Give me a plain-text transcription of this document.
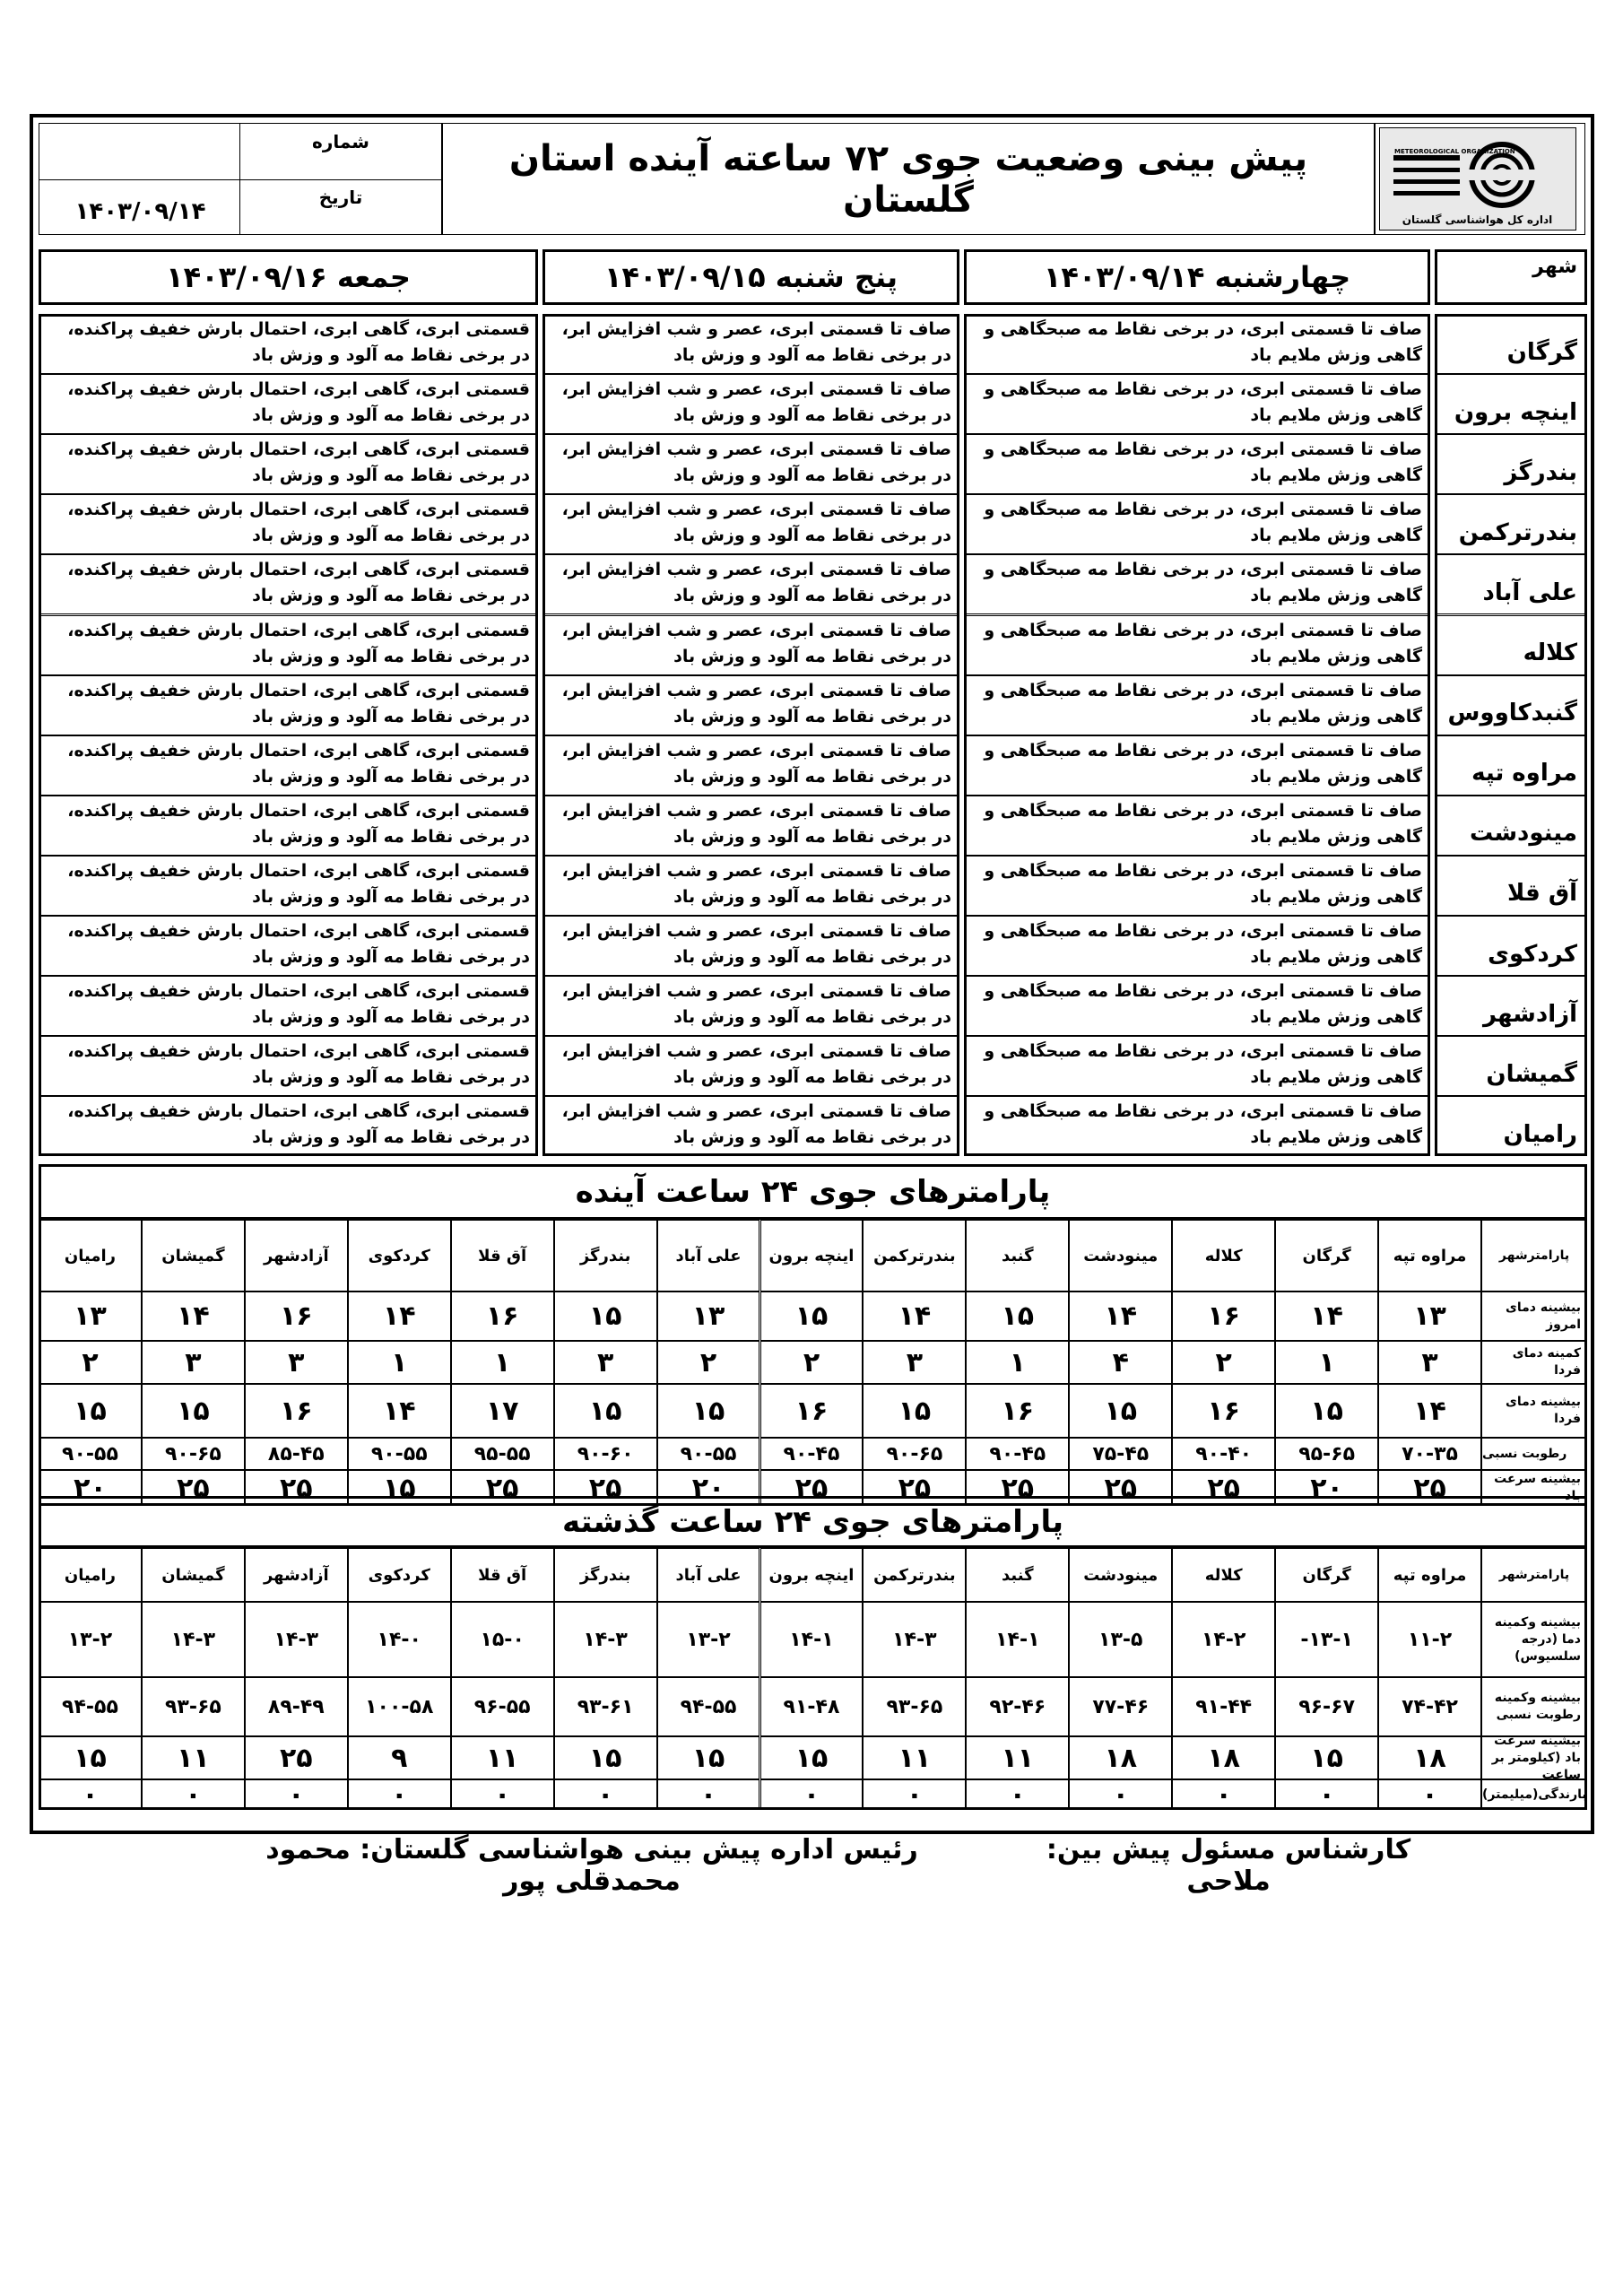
شماره
تاریخ
۱۴۰۳/۰۹/۱۴
پیش بینی وضعیت جوی ۷۲ ساعته آینده استان گلستان
METEOROLOGICAL ORGANIZATION
اداره کل هواشناسی گلستان
شهر
چهارشنبه ۱۴۰۳/۰۹/۱۴
پنج شنبه ۱۴۰۳/۰۹/۱۵
جمعه ۱۴۰۳/۰۹/۱۶
گرگان
صاف تا قسمتی ابری، در برخی نقاط مه صبحگاهی و گاهی وزش ملایم باد
صاف تا قسمتی ابری، عصر و شب افزایش ابر، در برخی نقاط مه آلود و وزش باد
قسمتی ابری، گاهی ابری، احتمال بارش خفیف پراکنده، در برخی نقاط مه آلود و وزش باد
اینچه برون
صاف تا قسمتی ابری، در برخی نقاط مه صبحگاهی و گاهی وزش ملایم باد
صاف تا قسمتی ابری، عصر و شب افزایش ابر، در برخی نقاط مه آلود و وزش باد
قسمتی ابری، گاهی ابری، احتمال بارش خفیف پراکنده، در برخی نقاط مه آلود و وزش باد
بندرگز
صاف تا قسمتی ابری، در برخی نقاط مه صبحگاهی و گاهی وزش ملایم باد
صاف تا قسمتی ابری، عصر و شب افزایش ابر، در برخی نقاط مه آلود و وزش باد
قسمتی ابری، گاهی ابری، احتمال بارش خفیف پراکنده، در برخی نقاط مه آلود و وزش باد
بندرترکمن
صاف تا قسمتی ابری، در برخی نقاط مه صبحگاهی و گاهی وزش ملایم باد
صاف تا قسمتی ابری، عصر و شب افزایش ابر، در برخی نقاط مه آلود و وزش باد
قسمتی ابری، گاهی ابری، احتمال بارش خفیف پراکنده، در برخی نقاط مه آلود و وزش باد
علی آباد
صاف تا قسمتی ابری، در برخی نقاط مه صبحگاهی و گاهی وزش ملایم باد
صاف تا قسمتی ابری، عصر و شب افزایش ابر، در برخی نقاط مه آلود و وزش باد
قسمتی ابری، گاهی ابری، احتمال بارش خفیف پراکنده، در برخی نقاط مه آلود و وزش باد
کلاله
صاف تا قسمتی ابری، در برخی نقاط مه صبحگاهی و گاهی وزش ملایم باد
صاف تا قسمتی ابری، عصر و شب افزایش ابر، در برخی نقاط مه آلود و وزش باد
قسمتی ابری، گاهی ابری، احتمال بارش خفیف پراکنده، در برخی نقاط مه آلود و وزش باد
گنبدکاووس
صاف تا قسمتی ابری، در برخی نقاط مه صبحگاهی و گاهی وزش ملایم باد
صاف تا قسمتی ابری، عصر و شب افزایش ابر، در برخی نقاط مه آلود و وزش باد
قسمتی ابری، گاهی ابری، احتمال بارش خفیف پراکنده، در برخی نقاط مه آلود و وزش باد
مراوه تپه
صاف تا قسمتی ابری، در برخی نقاط مه صبحگاهی و گاهی وزش ملایم باد
صاف تا قسمتی ابری، عصر و شب افزایش ابر، در برخی نقاط مه آلود و وزش باد
قسمتی ابری، گاهی ابری، احتمال بارش خفیف پراکنده، در برخی نقاط مه آلود و وزش باد
مینودشت
صاف تا قسمتی ابری، در برخی نقاط مه صبحگاهی و گاهی وزش ملایم باد
صاف تا قسمتی ابری، عصر و شب افزایش ابر، در برخی نقاط مه آلود و وزش باد
قسمتی ابری، گاهی ابری، احتمال بارش خفیف پراکنده، در برخی نقاط مه آلود و وزش باد
آق قلا
صاف تا قسمتی ابری، در برخی نقاط مه صبحگاهی و گاهی وزش ملایم باد
صاف تا قسمتی ابری، عصر و شب افزایش ابر، در برخی نقاط مه آلود و وزش باد
قسمتی ابری، گاهی ابری، احتمال بارش خفیف پراکنده، در برخی نقاط مه آلود و وزش باد
کردکوی
صاف تا قسمتی ابری، در برخی نقاط مه صبحگاهی و گاهی وزش ملایم باد
صاف تا قسمتی ابری، عصر و شب افزایش ابر، در برخی نقاط مه آلود و وزش باد
قسمتی ابری، گاهی ابری، احتمال بارش خفیف پراکنده، در برخی نقاط مه آلود و وزش باد
آزادشهر
صاف تا قسمتی ابری، در برخی نقاط مه صبحگاهی و گاهی وزش ملایم باد
صاف تا قسمتی ابری، عصر و شب افزایش ابر، در برخی نقاط مه آلود و وزش باد
قسمتی ابری، گاهی ابری، احتمال بارش خفیف پراکنده، در برخی نقاط مه آلود و وزش باد
گمیشان
صاف تا قسمتی ابری، در برخی نقاط مه صبحگاهی و گاهی وزش ملایم باد
صاف تا قسمتی ابری، عصر و شب افزایش ابر، در برخی نقاط مه آلود و وزش باد
قسمتی ابری، گاهی ابری، احتمال بارش خفیف پراکنده، در برخی نقاط مه آلود و وزش باد
رامیان
صاف تا قسمتی ابری، در برخی نقاط مه صبحگاهی و گاهی وزش ملایم باد
صاف تا قسمتی ابری، عصر و شب افزایش ابر، در برخی نقاط مه آلود و وزش باد
قسمتی ابری، گاهی ابری، احتمال بارش خفیف پراکنده، در برخی نقاط مه آلود و وزش باد
پارامترهای جوی ۲۴ ساعت آینده
پارامترشهر
مراوه تپه
گرگان
کلاله
مینودشت
گنبد
بندرترکمن
اینچه برون
علی آباد
بندرگز
آق قلا
کردکوی
آزادشهر
گمیشان
رامیان
بیشینه دمای امروز
۱۳
۱۴
۱۶
۱۴
۱۵
۱۴
۱۵
۱۳
۱۵
۱۶
۱۴
۱۶
۱۴
۱۳
کمینه دمای فردا
۳
۱
۲
۴
۱
۳
۲
۲
۳
۱
۱
۳
۳
۲
بیشینه دمای فردا
۱۴
۱۵
۱۶
۱۵
۱۶
۱۵
۱۶
۱۵
۱۵
۱۷
۱۴
۱۶
۱۵
۱۵
رطوبت نسبی
۷۰-۳۵
۹۵-۶۵
۹۰-۴۰
۷۵-۴۵
۹۰-۴۵
۹۰-۶۵
۹۰-۴۵
۹۰-۵۵
۹۰-۶۰
۹۵-۵۵
۹۰-۵۵
۸۵-۴۵
۹۰-۶۵
۹۰-۵۵
بیشینه سرعت باد
۲۵
۲۰
۲۵
۲۵
۲۵
۲۵
۲۵
۲۰
۲۵
۲۵
۱۵
۲۵
۲۵
۲۰
پارامترهای جوی ۲۴ ساعت گذشته
پارامترشهر
مراوه تپه
گرگان
کلاله
مینودشت
گنبد
بندرترکمن
اینچه برون
علی آباد
بندرگز
آق قلا
کردکوی
آزادشهر
گمیشان
رامیان
بیشینه وکمینه دما (درجه سلسیوس)
۱۱-۲
۱۳-۱-
۱۴-۲
۱۳-۵
۱۴-۱
۱۴-۳
۱۴-۱
۱۳-۲
۱۴-۳
۱۵-۰
۱۴-۰
۱۴-۳
۱۴-۳
۱۳-۲
بیشینه وکمینه رطوبت نسبی
۷۴-۴۲
۹۶-۶۷
۹۱-۴۴
۷۷-۴۶
۹۲-۴۶
۹۳-۶۵
۹۱-۴۸
۹۴-۵۵
۹۳-۶۱
۹۶-۵۵
۱۰۰-۵۸
۸۹-۴۹
۹۳-۶۵
۹۴-۵۵
بیشینه سرعت باد (کیلومتر بر ساعت
۱۸
۱۵
۱۸
۱۸
۱۱
۱۱
۱۵
۱۵
۱۵
۱۱
۹
۲۵
۱۱
۱۵
بارندگی(میلیمتر)
۰
۰
۰
۰
۰
۰
۰
۰
۰
۰
۰
۰
۰
۰
کارشناس مسئول پیش بین: ملاحی
رئیس اداره پیش بینی هواشناسی گلستان: محمود محمدقلی پور
